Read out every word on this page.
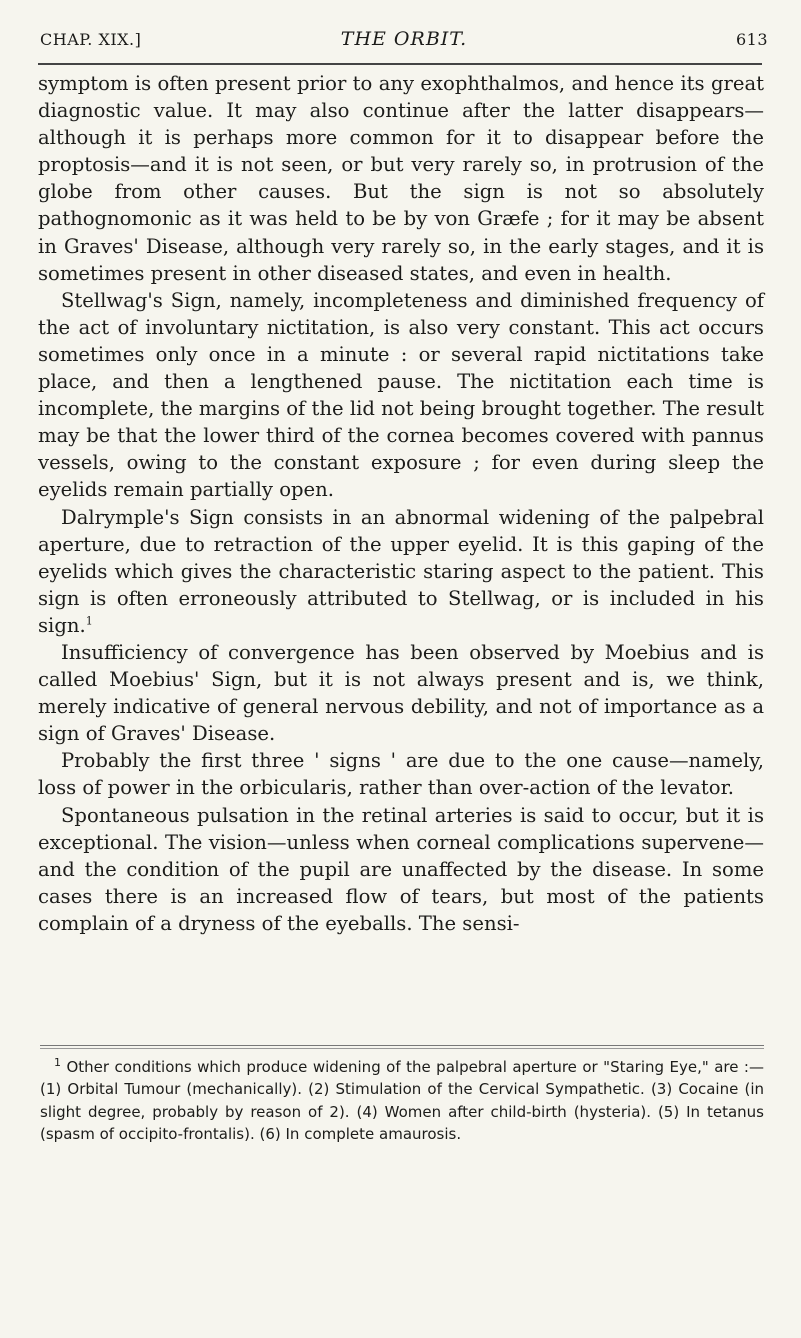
CHAP. XIX.]	THE ORBIT.	613

symptom is often present prior to any exophthalmos, and hence its great diagnostic value. It may also continue after the latter disappears—although it is perhaps more common for it to disappear before the proptosis—and it is not seen, or but very rarely so, in protrusion of the globe from other causes. But the sign is not so absolutely pathognomonic as it was held to be by von Græfe ; for it may be absent in Graves' Disease, although very rarely so, in the early stages, and it is sometimes present in other diseased states, and even in health.

Stellwag's Sign, namely, incompleteness and diminished frequency of the act of involuntary nictitation, is also very constant. This act occurs sometimes only once in a minute : or several rapid nictitations take place, and then a lengthened pause. The nictitation each time is incomplete, the margins of the lid not being brought together. The result may be that the lower third of the cornea becomes covered with pannus vessels, owing to the constant exposure ; for even during sleep the eyelids remain partially open.

Dalrymple's Sign consists in an abnormal widening of the palpebral aperture, due to retraction of the upper eyelid. It is this gaping of the eyelids which gives the characteristic staring aspect to the patient. This sign is often erroneously attributed to Stellwag, or is included in his sign.$^1$

Insufficiency of convergence has been observed by Moebius and is called Moebius' Sign, but it is not always present and is, we think, merely indicative of general nervous debility, and not of importance as a sign of Graves' Disease.

Probably the first three ' signs ' are due to the one cause—namely, loss of power in the orbicularis, rather than over-action of the levator.

Spontaneous pulsation in the retinal arteries is said to occur, but it is exceptional. The vision—unless when corneal complications supervene—and the condition of the pupil are unaffected by the disease. In some cases there is an increased flow of tears, but most of the patients complain of a dryness of the eyeballs. The sensi-

$^1$ Other conditions which produce widening of the palpebral aperture or "Staring Eye," are :—(1) Orbital Tumour (mechanically). (2) Stimulation of the Cervical Sympathetic. (3) Cocaine (in slight degree, probably by reason of 2). (4) Women after child-birth (hysteria). (5) In tetanus (spasm of occipito-frontalis). (6) In complete amaurosis.
